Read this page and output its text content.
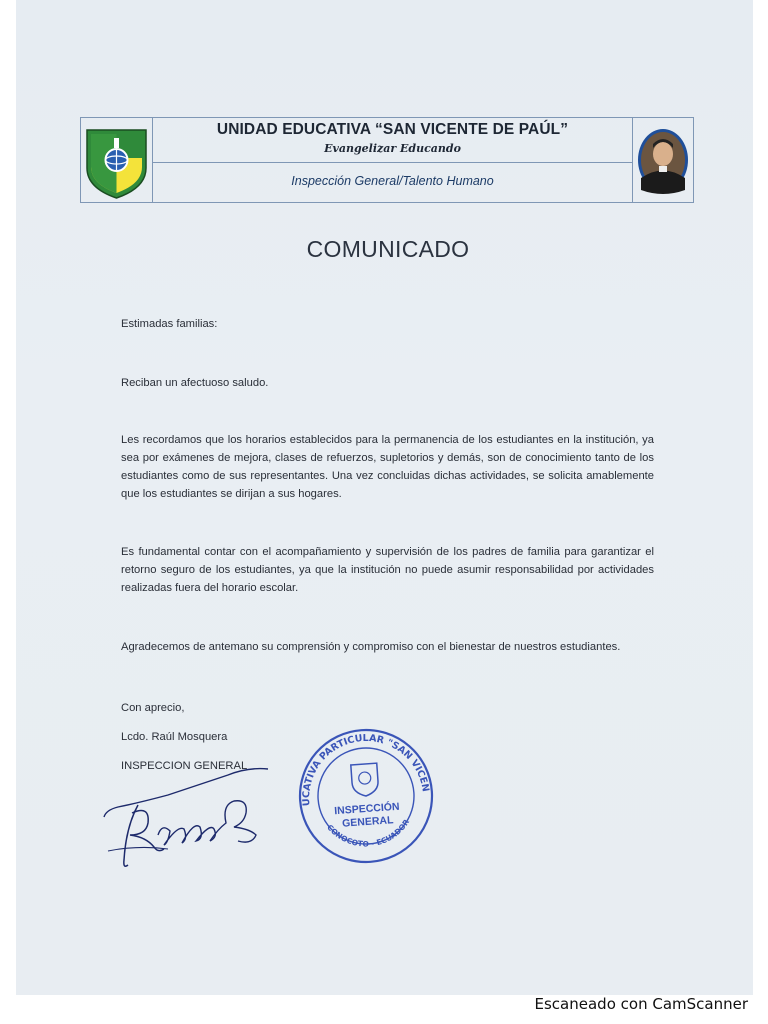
UNIDAD EDUCATIVA “SAN VICENTE DE PAÚL”
Evangelizar Educando
Inspección General/Talento Humano
COMUNICADO
Estimadas familias:
Reciban un afectuoso saludo.
Les recordamos que los horarios establecidos para la permanencia de los estudiantes en la institución, ya sea por exámenes de mejora, clases de refuerzos, supletorios y demás, son de conocimiento tanto de los estudiantes como de sus representantes. Una vez concluidas dichas actividades, se solicita amablemente que los estudiantes se dirijan a sus hogares.
Es fundamental contar con el acompañamiento y supervisión de los padres de familia para garantizar el retorno seguro de los estudiantes, ya que la institución no puede asumir responsabilidad por actividades realizadas fuera del horario escolar.
Agradecemos de antemano su comprensión y compromiso con el bienestar de nuestros estudiantes.
Con aprecio,
Lcdo. Raúl Mosquera
INSPECCION GENERAL
EDUCATIVA PARTICULAR "SAN VICENTE
CONOCOTO - ECUADOR
INSPECCIÓN
GENERAL
Escaneado con CamScanner
